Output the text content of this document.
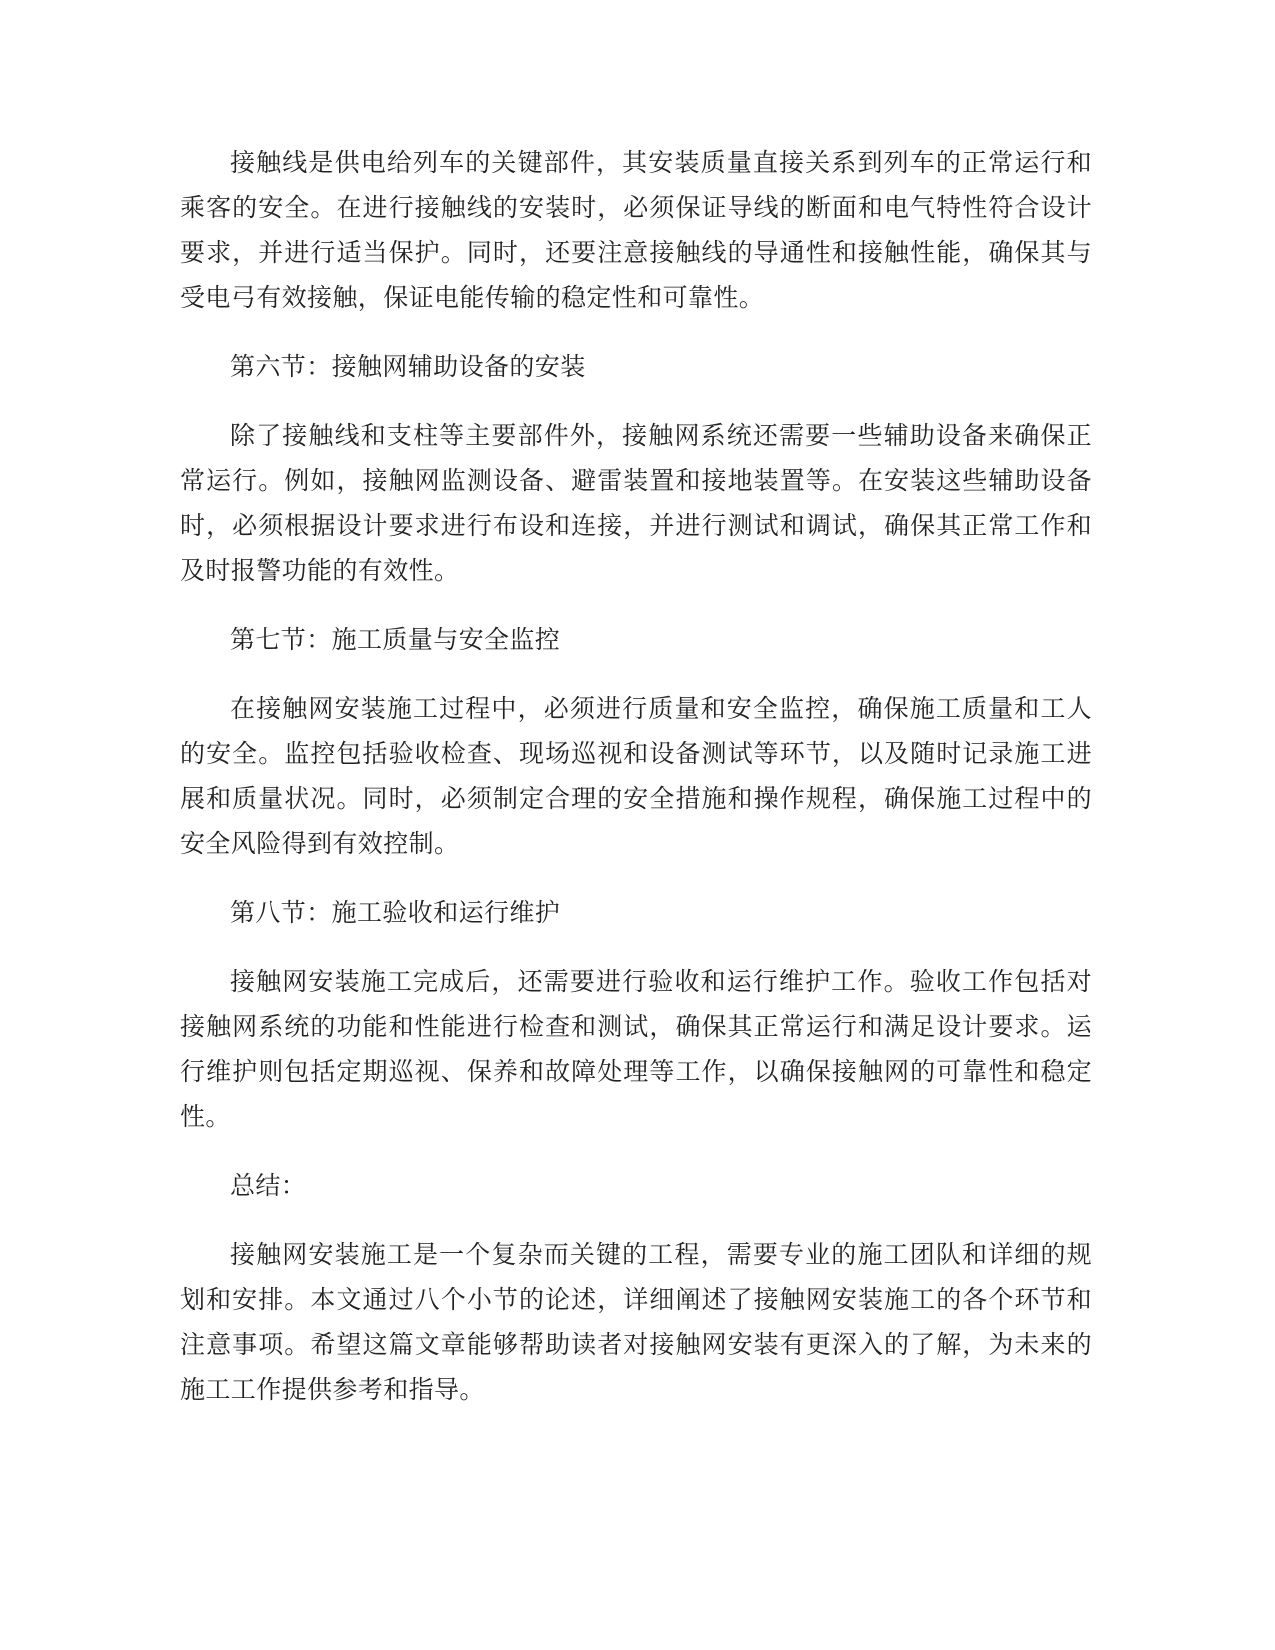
接触线是供电给列车的关键部件，其安装质量直接关系到列车的正常运行和乘客的安全。在进行接触线的安装时，必须保证导线的断面和电气特性符合设计要求，并进行适当保护。同时，还要注意接触线的导通性和接触性能，确保其与受电弓有效接触，保证电能传输的稳定性和可靠性。

第六节：接触网辅助设备的安装

除了接触线和支柱等主要部件外，接触网系统还需要一些辅助设备来确保正常运行。例如，接触网监测设备、避雷装置和接地装置等。在安装这些辅助设备时，必须根据设计要求进行布设和连接，并进行测试和调试，确保其正常工作和及时报警功能的有效性。

第七节：施工质量与安全监控

在接触网安装施工过程中，必须进行质量和安全监控，确保施工质量和工人的安全。监控包括验收检查、现场巡视和设备测试等环节，以及随时记录施工进展和质量状况。同时，必须制定合理的安全措施和操作规程，确保施工过程中的安全风险得到有效控制。

第八节：施工验收和运行维护

接触网安装施工完成后，还需要进行验收和运行维护工作。验收工作包括对接触网系统的功能和性能进行检查和测试，确保其正常运行和满足设计要求。运行维护则包括定期巡视、保养和故障处理等工作，以确保接触网的可靠性和稳定性。

总结：

接触网安装施工是一个复杂而关键的工程，需要专业的施工团队和详细的规划和安排。本文通过八个小节的论述，详细阐述了接触网安装施工的各个环节和注意事项。希望这篇文章能够帮助读者对接触网安装有更深入的了解，为未来的施工工作提供参考和指导。
